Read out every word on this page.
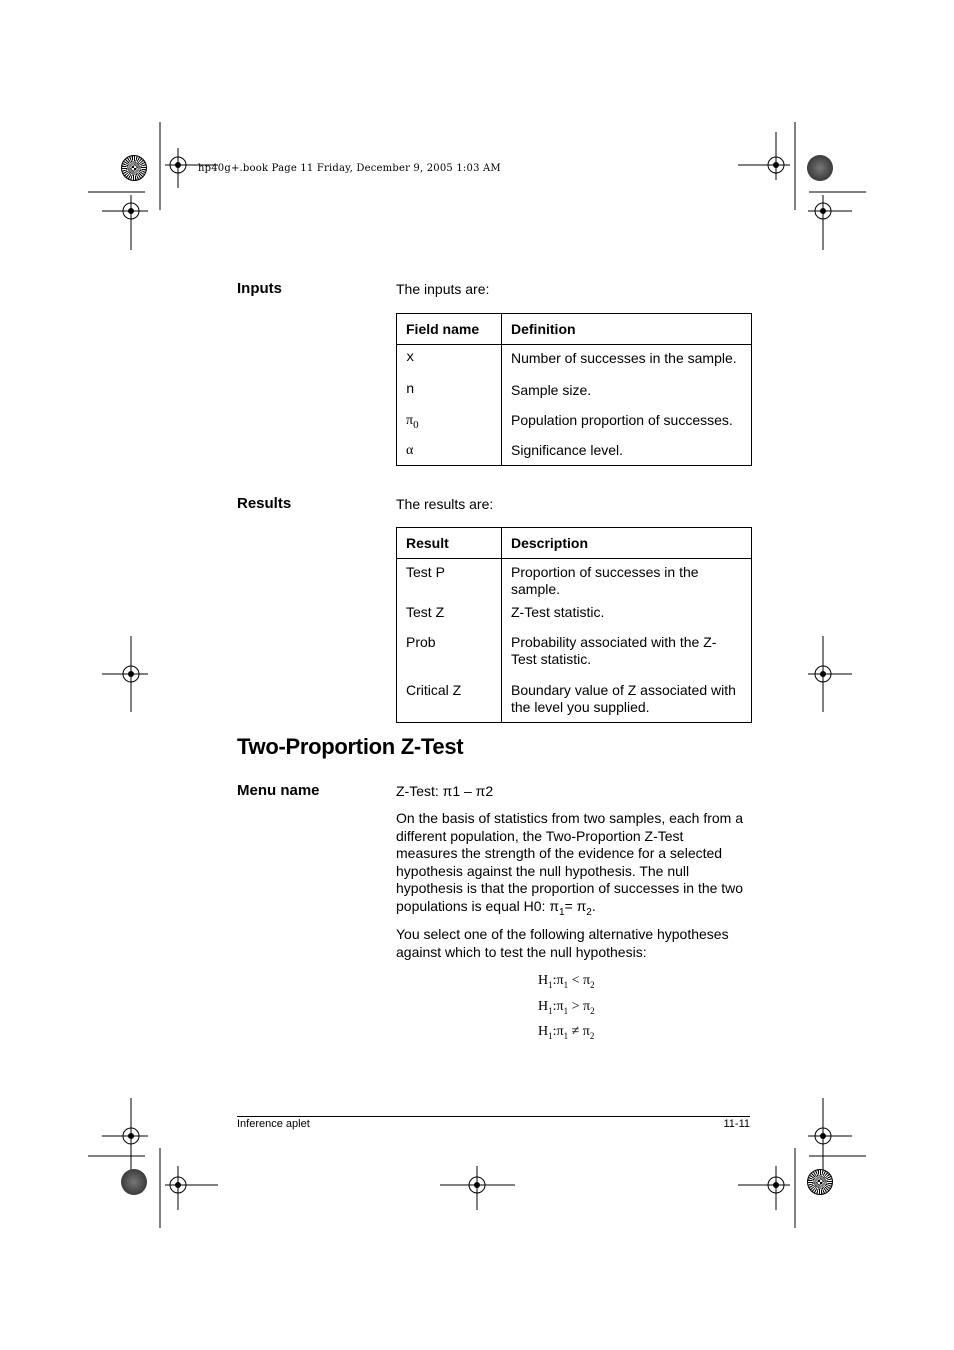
hp40g+.book Page 11 Friday, December 9, 2005 1:03 AM
Inputs	The inputs are:
Field name	Definition
x	Number of successes in the sample.
n	Sample size.
$\pi_0$	Population proportion of successes.
α	Significance level.
Results	The results are:
Result	Description
Test P	Proportion of successes in the sample.
Test Z	Z-Test statistic.
Prob	Probability associated with the Z-Test statistic.
Critical Z	Boundary value of Z associated with the level you supplied.
Two-Proportion Z-Test
Menu name	Z-Test: π1 – π2
On the basis of statistics from two samples, each from a different population, the Two-Proportion Z-Test measures the strength of the evidence for a selected hypothesis against the null hypothesis. The null hypothesis is that the proportion of successes in the two populations is equal H0: $\pi_1= \pi_2$.
You select one of the following alternative hypotheses against which to test the null hypothesis:
$H_1:\pi_1 < \pi_2$
$H_1:\pi_1 > \pi_2$
$H_1:\pi_1 \ne \pi_2$
Inference aplet	11-11
